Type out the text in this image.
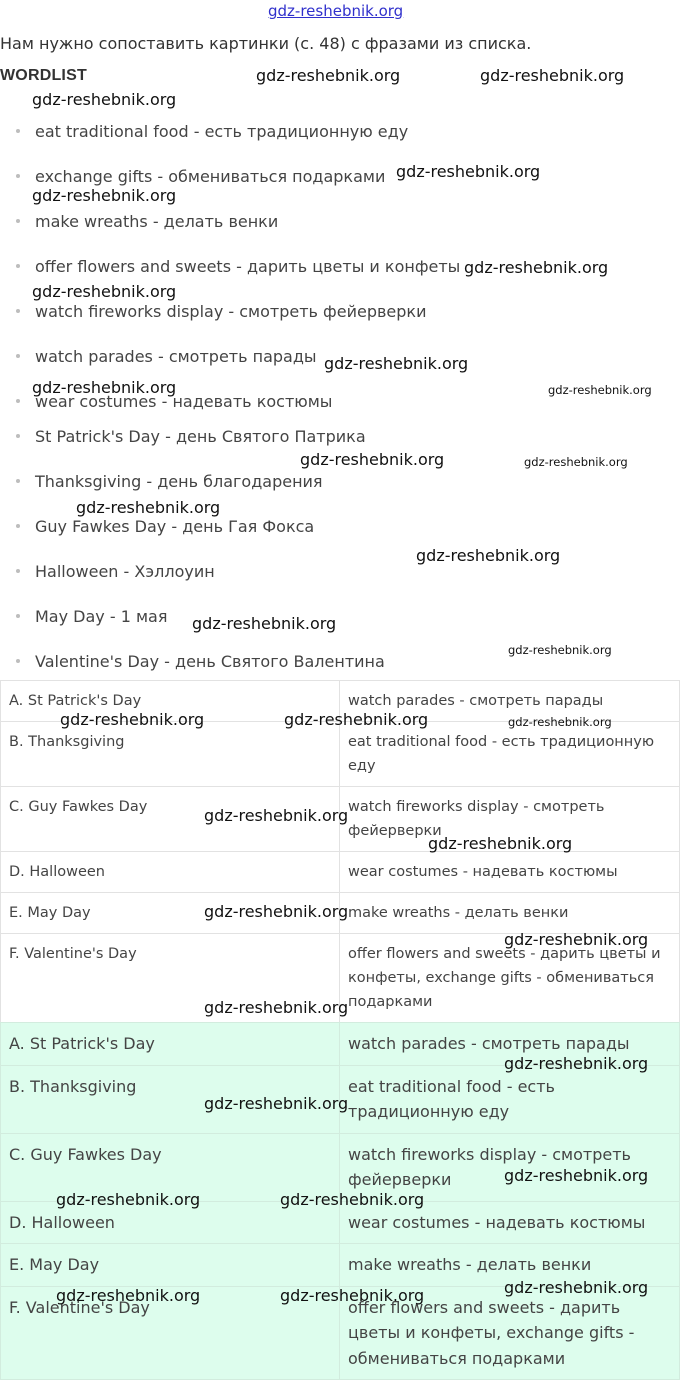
gdz-reshebnik.org
Нам нужно сопоставить картинки (с. 48) с фразами из списка.
WORDLIST
eat traditional food - есть традиционную еду
exchange gifts - обмениваться подарками
make wreaths - делать венки
offer flowers and sweets - дарить цветы и конфеты
watch fireworks display - смотреть фейерверки
watch parades - смотреть парады
wear costumes - надевать костюмы
St Patrick's Day - день Святого Патрика
Thanksgiving - день благодарения
Guy Fawkes Day - день Гая Фокса
Halloween - Хэллоуин
May Day - 1 мая
Valentine's Day - день Святого Валентина
A. St Patrick's Day	watch parades - смотреть парады
B. Thanksgiving	eat traditional food - есть традиционную еду
C. Guy Fawkes Day	watch fireworks display - смотреть фейерверки
D. Halloween	wear costumes - надевать костюмы
E. May Day	make wreaths - делать венки
F. Valentine's Day	offer flowers and sweets - дарить цветы и конфеты, exchange gifts - обмениваться подарками
A. St Patrick's Day	watch parades - смотреть парады
B. Thanksgiving	eat traditional food - есть традиционную еду
C. Guy Fawkes Day	watch fireworks display - смотреть фейерверки
D. Halloween	wear costumes - надевать костюмы
E. May Day	make wreaths - делать венки
F. Valentine's Day	offer flowers and sweets - дарить цветы и конфеты, exchange gifts - обмениваться подарками
gdz-reshebnik.org	gdz-reshebnik.org
gdz-reshebnik.org
gdz-reshebnik.org
gdz-reshebnik.org
gdz-reshebnik.org
gdz-reshebnik.org
gdz-reshebnik.org
gdz-reshebnik.org	gdz-reshebnik.org
gdz-reshebnik.org	gdz-reshebnik.org
gdz-reshebnik.org
gdz-reshebnik.org
gdz-reshebnik.org
gdz-reshebnik.org
gdz-reshebnik.org	gdz-reshebnik.org	gdz-reshebnik.org
gdz-reshebnik.org
gdz-reshebnik.org
gdz-reshebnik.org
gdz-reshebnik.org
gdz-reshebnik.org
gdz-reshebnik.org
gdz-reshebnik.org
gdz-reshebnik.org
gdz-reshebnik.org	gdz-reshebnik.org
gdz-reshebnik.org
gdz-reshebnik.org	gdz-reshebnik.org
